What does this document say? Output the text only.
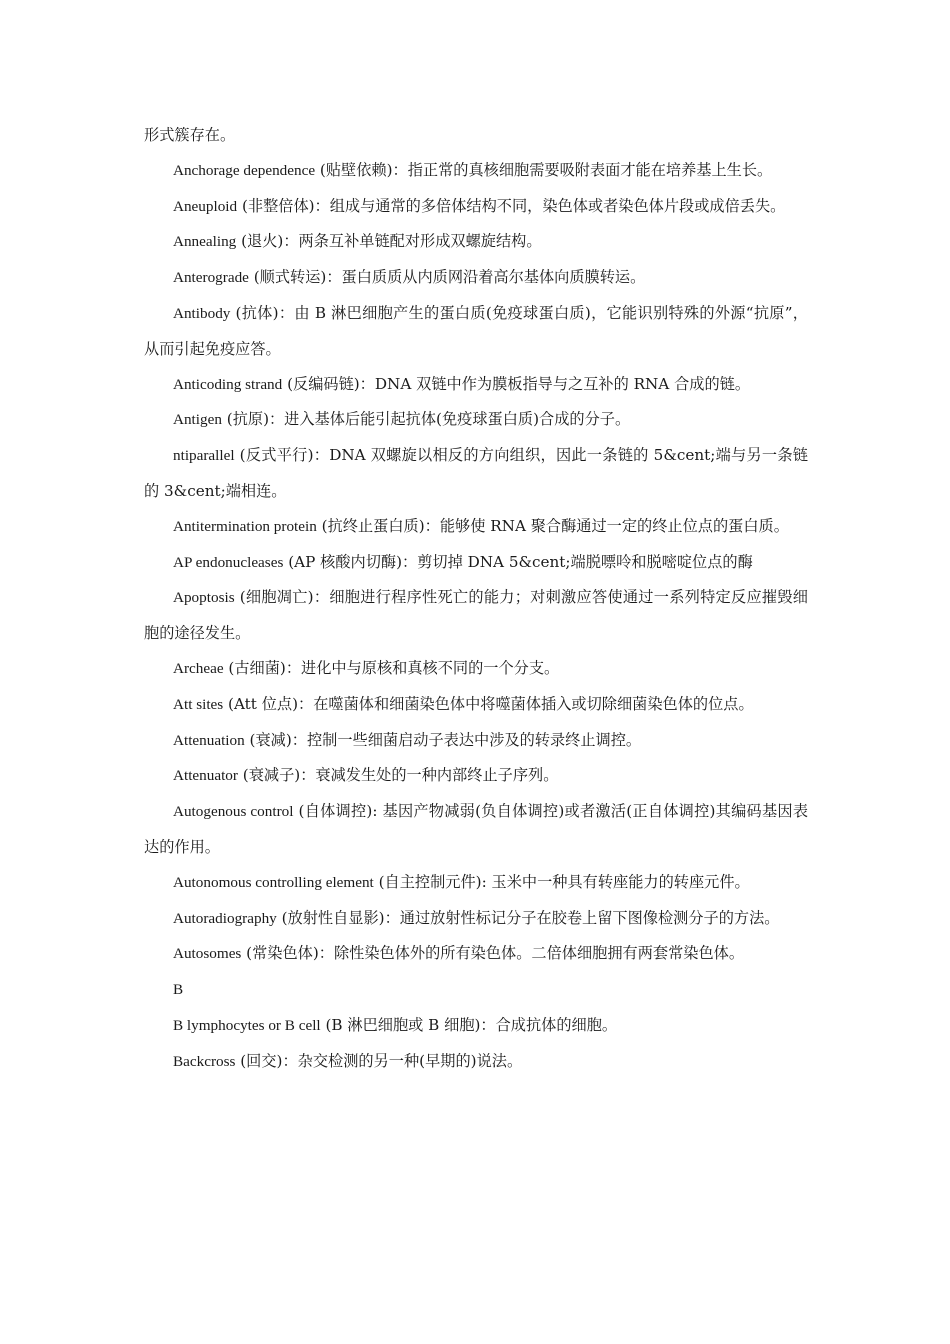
形式簇存在。

Anchorage dependence (贴壁依赖)：指正常的真核细胞需要吸附表面才能在培养基上生长。

Aneuploid (非整倍体)：组成与通常的多倍体结构不同，染色体或者染色体片段或成倍丢失。

Annealing (退火)：两条互补单链配对形成双螺旋结构。

Anterograde (顺式转运)：蛋白质质从内质网沿着高尔基体向质膜转运。

Antibody (抗体)：由 B 淋巴细胞产生的蛋白质(免疫球蛋白质)，它能识别特殊的外源“抗原”，从而引起免疫应答。

Anticoding strand (反编码链)：DNA 双链中作为膜板指导与之互补的 RNA 合成的链。

Antigen (抗原)：进入基体后能引起抗体(免疫球蛋白质)合成的分子。

ntiparallel (反式平行)：DNA 双螺旋以相反的方向组织，因此一条链的 5&cent;端与另一条链的 3&cent;端相连。

Antitermination protein (抗终止蛋白质)：能够使 RNA 聚合酶通过一定的终止位点的蛋白质。

AP endonucleases (AP 核酸内切酶)：剪切掉 DNA 5&cent;端脱嘌呤和脱嘧啶位点的酶

Apoptosis (细胞凋亡)：细胞进行程序性死亡的能力；对刺激应答使通过一系列特定反应摧毁细胞的途径发生。

Archeae (古细菌)：进化中与原核和真核不同的一个分支。

Att sites (Att 位点)：在噬菌体和细菌染色体中将噬菌体插入或切除细菌染色体的位点。

Attenuation (衰减)：控制一些细菌启动子表达中涉及的转录终止调控。

Attenuator (衰减子)：衰减发生处的一种内部终止子序列。

Autogenous control (自体调控): 基因产物减弱(负自体调控)或者激活(正自体调控)其编码基因表达的作用。

Autonomous controlling element (自主控制元件): 玉米中一种具有转座能力的转座元件。

Autoradiography (放射性自显影)：通过放射性标记分子在胶卷上留下图像检测分子的方法。

Autosomes (常染色体)：除性染色体外的所有染色体。二倍体细胞拥有两套常染色体。

B

B lymphocytes or B cell (B 淋巴细胞或 B 细胞)：合成抗体的细胞。

Backcross (回交)：杂交检测的另一种(早期的)说法。
